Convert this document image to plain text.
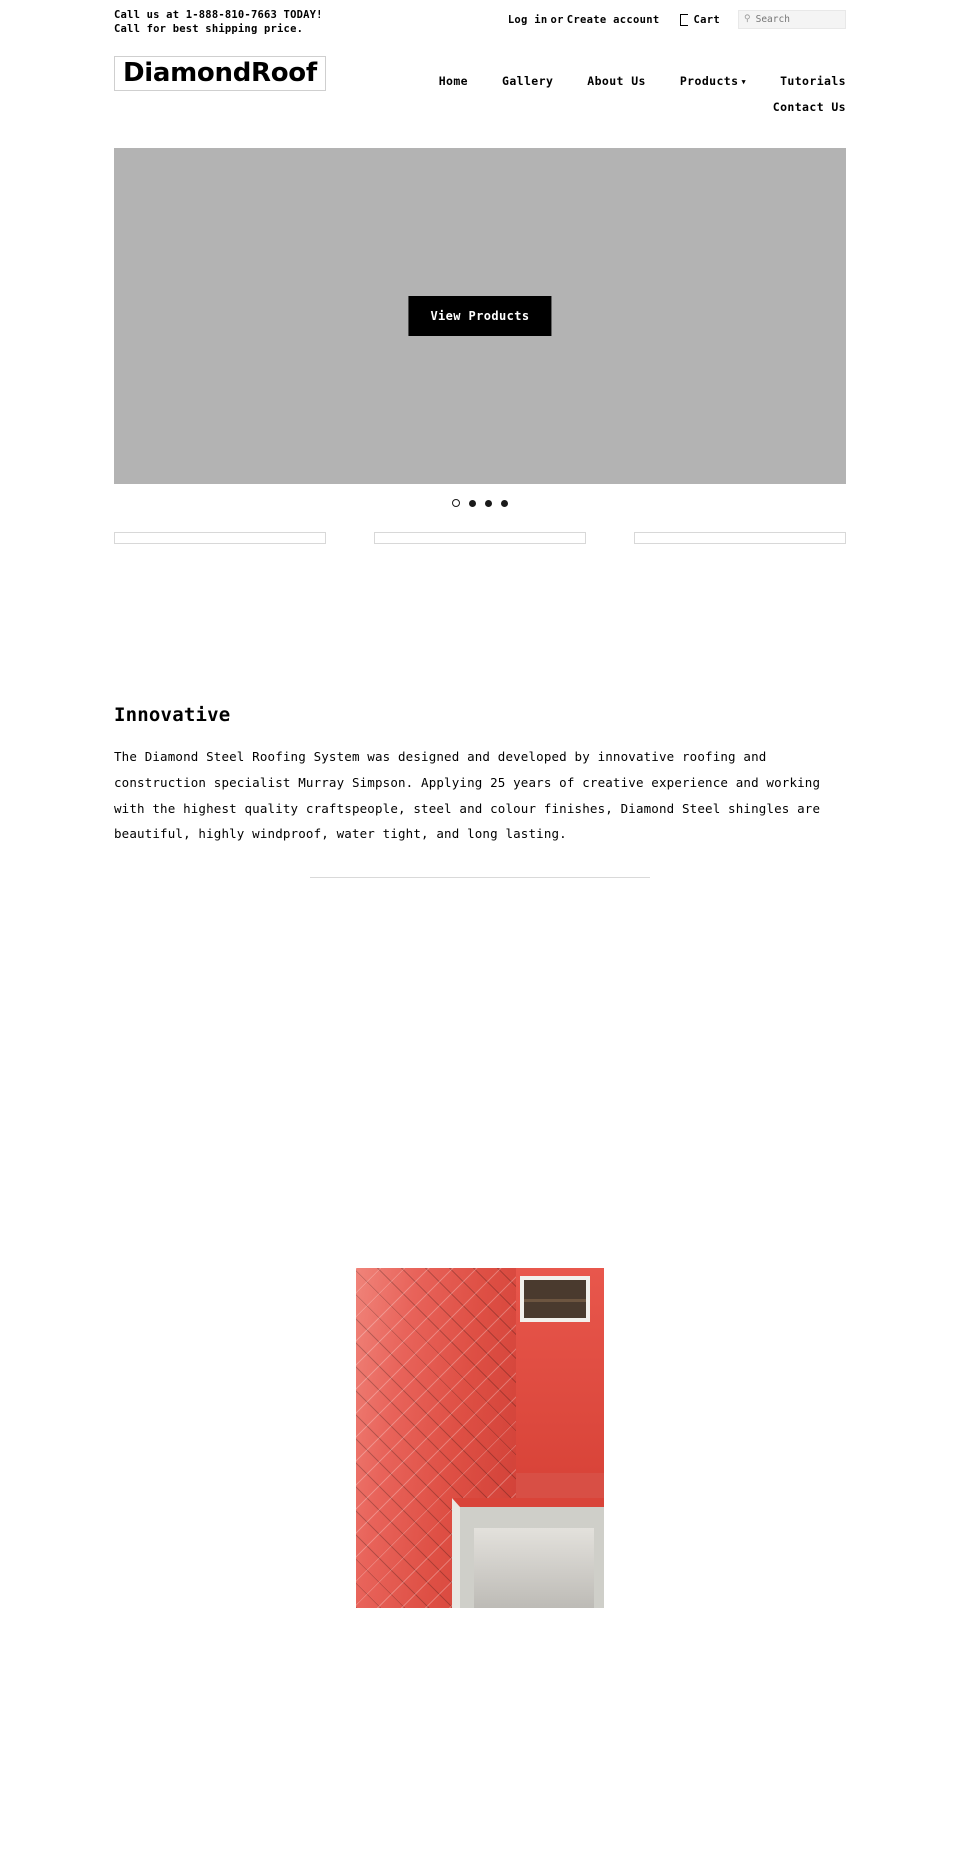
Call us at 1-888-810-7663 TODAY! Call for best shipping price.
Log in or Create account	Cart	⚲
Search
DiamondRoof	Home	Gallery	About Us	Products ▼	Tutorials
Contact Us
View Products
Innovative

The Diamond Steel Roofing System was designed and developed by innovative roofing and construction specialist Murray Simpson. Applying 25 years of creative experience and working with the highest quality craftspeople, steel and colour finishes, Diamond Steel shingles are beautiful, highly windproof, water tight, and long lasting.
